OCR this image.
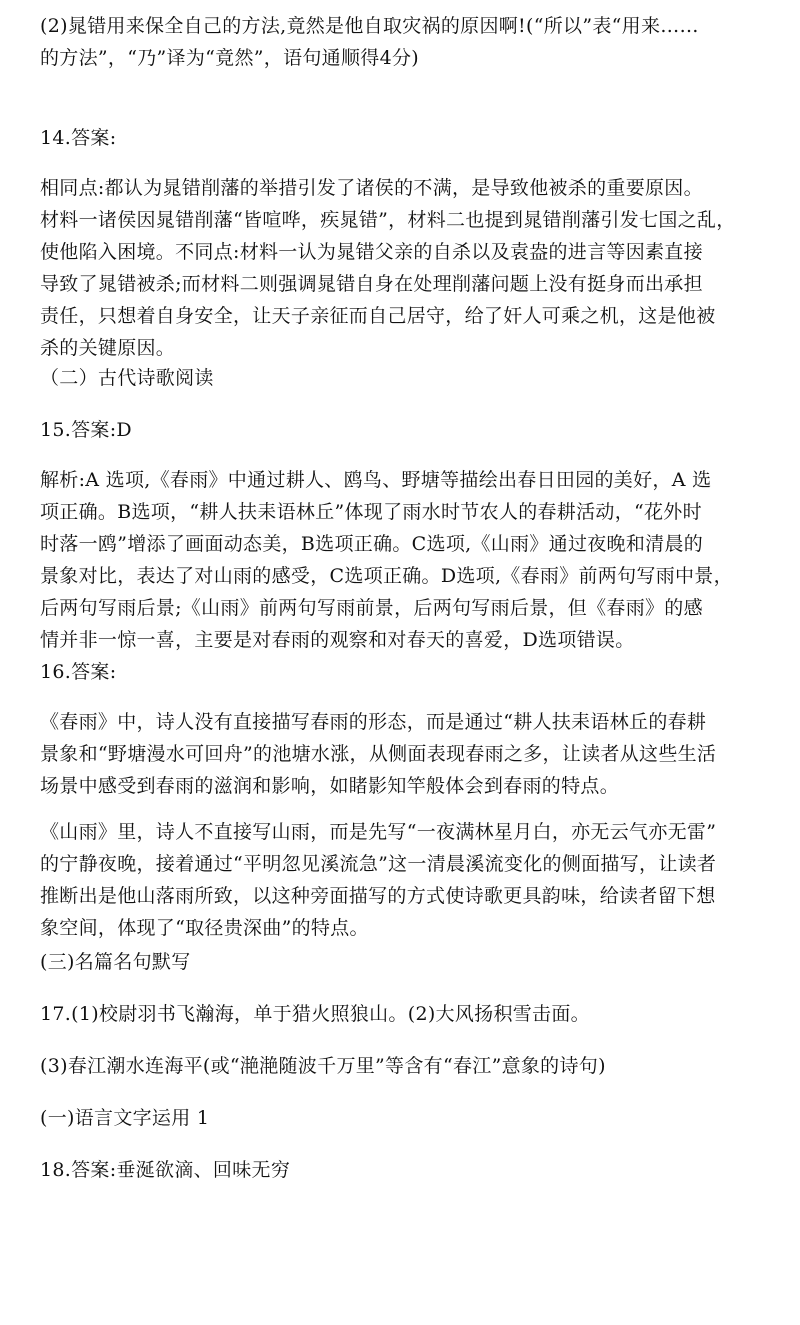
(2)晁错用来保全自己的方法,竟然是他自取灾祸的原因啊!(“所以”表“用来……
的方法”，“乃”译为“竟然”，语句通顺得4分)

14.答案:

相同点:都认为晁错削藩的举措引发了诸侯的不满，是导致他被杀的重要原因。
材料一诸侯因晁错削藩“皆喧哗，疾晁错”，材料二也提到晁错削藩引发七国之乱，
使他陷入困境。不同点:材料一认为晁错父亲的自杀以及袁盎的进言等因素直接
导致了晁错被杀;而材料二则强调晁错自身在处理削藩问题上没有挺身而出承担
责任，只想着自身安全，让天子亲征而自己居守，给了奸人可乘之机，这是他被
杀的关键原因。

（二）古代诗歌阅读

15.答案:D

解析:A 选项,《春雨》中通过耕人、鸥鸟、野塘等描绘出春日田园的美好，A 选
项正确。B选项，“耕人扶耒语林丘”体现了雨水时节农人的春耕活动，“花外时
时落一鸥”增添了画面动态美，B选项正确。C选项,《山雨》通过夜晚和清晨的
景象对比，表达了对山雨的感受，C选项正确。D选项,《春雨》前两句写雨中景，
后两句写雨后景;《山雨》前两句写雨前景，后两句写雨后景，但《春雨》的感
情并非一惊一喜，主要是对春雨的观察和对春天的喜爱，D选项错误。

16.答案:

《春雨》中，诗人没有直接描写春雨的形态，而是通过“耕人扶耒语林丘的春耕
景象和“野塘漫水可回舟”的池塘水涨，从侧面表现春雨之多，让读者从这些生活
场景中感受到春雨的滋润和影响，如睹影知竿般体会到春雨的特点。

《山雨》里，诗人不直接写山雨，而是先写“一夜满林星月白，亦无云气亦无雷”
的宁静夜晚，接着通过“平明忽见溪流急”这一清晨溪流变化的侧面描写，让读者
推断出是他山落雨所致，以这种旁面描写的方式使诗歌更具韵味，给读者留下想
象空间，体现了“取径贵深曲”的特点。

(三)名篇名句默写

17.(1)校尉羽书飞瀚海，单于猎火照狼山。(2)大风扬积雪击面。

(3)春江潮水连海平(或“滟滟随波千万里”等含有“春江”意象的诗句)

(一)语言文字运用 1

18.答案:垂涎欲滴、回味无穷
